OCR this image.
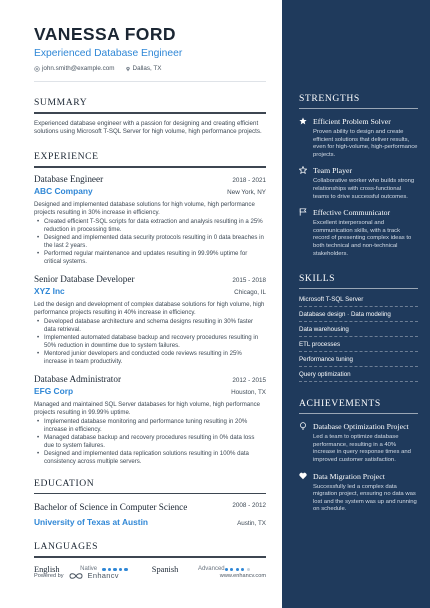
VANESSA FORD
Experienced Database Engineer
john.smith@example.com	Dallas, TX
SUMMARY
Experienced database engineer with a passion for designing and creating efficient solutions using Microsoft T-SQL Server for high volume, high performance projects.
EXPERIENCE
Database Engineer	2018 - 2021
ABC Company	New York, NY
Designed and implemented database solutions for high volume, high performance projects resulting in 30% increase in efficiency.
• Created efficient T-SQL scripts for data extraction and analysis resulting in a 25% reduction in processing time.
• Designed and implemented data security protocols resulting in 0 data breaches in the last 2 years.
• Performed regular maintenance and updates resulting in 99.99% uptime for critical systems.
Senior Database Developer	2015 - 2018
XYZ Inc	Chicago, IL
Led the design and development of complex database solutions for high volume, high performance projects resulting in 40% increase in efficiency.
• Developed database architecture and schema designs resulting in 30% faster data retrieval.
• Implemented automated database backup and recovery procedures resulting in 50% reduction in downtime due to system failures.
• Mentored junior developers and conducted code reviews resulting in 25% increase in team productivity.
Database Administrator	2012 - 2015
EFG Corp	Houston, TX
Managed and maintained SQL Server databases for high volume, high performance projects resulting in 99.99% uptime.
• Implemented database monitoring and performance tuning resulting in 20% increase in efficiency.
• Managed database backup and recovery procedures resulting in 0% data loss due to system failures.
• Designed and implemented data replication solutions resulting in 100% data consistency across multiple servers.
EDUCATION
Bachelor of Science in Computer Science	2008 - 2012
University of Texas at Austin	Austin, TX
LANGUAGES
English	Native	Spanish	Advanced
Powered by	Enhancv	www.enhancv.com
STRENGTHS
Efficient Problem Solver
Proven ability to design and create efficient solutions that deliver results, even for high-volume, high-performance projects.
Team Player
Collaborative worker who builds strong relationships with cross-functional teams to drive successful outcomes.
Effective Communicator
Excellent interpersonal and communication skills, with a track record of presenting complex ideas to both technical and non-technical stakeholders.
SKILLS
Microsoft T-SQL Server
Database design · Data modeling
Data warehousing
ETL processes
Performance tuning
Query optimization
ACHIEVEMENTS
Database Optimization Project
Led a team to optimize database performance, resulting in a 40% increase in query response times and improved customer satisfaction.
Data Migration Project
Successfully led a complex data migration project, ensuring no data was lost and the system was up and running on schedule.
